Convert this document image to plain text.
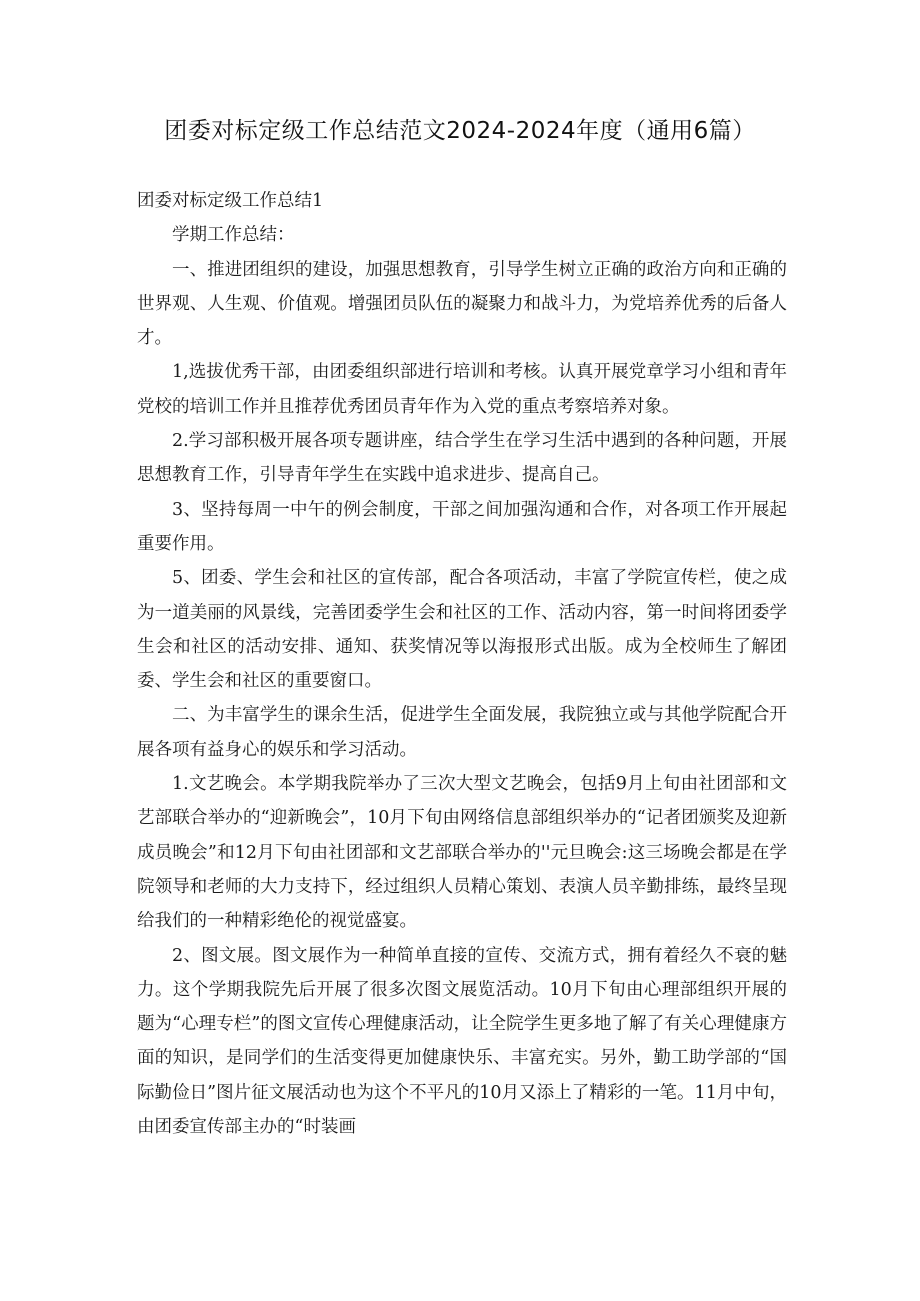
团委对标定级工作总结范文2024-2024年度（通用6篇）

团委对标定级工作总结1

学期工作总结：

一、推进团组织的建设，加强思想教育，引导学生树立正确的政治方向和正确的世界观、人生观、价值观。增强团员队伍的凝聚力和战斗力，为党培养优秀的后备人才。

1,选拔优秀干部，由团委组织部进行培训和考核。认真开展党章学习小组和青年党校的培训工作并且推荐优秀团员青年作为入党的重点考察培养对象。

2.学习部积极开展各项专题讲座，结合学生在学习生活中遇到的各种问题，开展思想教育工作，引导青年学生在实践中追求进步、提高自己。

3、坚持每周一中午的例会制度，干部之间加强沟通和合作，对各项工作开展起重要作用。

5、团委、学生会和社区的宣传部，配合各项活动，丰富了学院宣传栏，使之成为一道美丽的风景线，完善团委学生会和社区的工作、活动内容，第一时间将团委学生会和社区的活动安排、通知、获奖情况等以海报形式出版。成为全校师生了解团委、学生会和社区的重要窗口。

二、为丰富学生的课余生活，促进学生全面发展，我院独立或与其他学院配合开展各项有益身心的娱乐和学习活动。

1.文艺晚会。本学期我院举办了三次大型文艺晚会，包括9月上旬由社团部和文艺部联合举办的“迎新晚会”，10月下旬由网络信息部组织举办的“记者团颁奖及迎新成员晚会”和12月下旬由社团部和文艺部联合举办的''元旦晚会:这三场晚会都是在学院领导和老师的大力支持下，经过组织人员精心策划、表演人员辛勤排练，最终呈现给我们的一种精彩绝伦的视觉盛宴。

2、图文展。图文展作为一种简单直接的宣传、交流方式，拥有着经久不衰的魅力。这个学期我院先后开展了很多次图文展览活动。10月下旬由心理部组织开展的题为“心理专栏”的图文宣传心理健康活动，让全院学生更多地了解了有关心理健康方面的知识，是同学们的生活变得更加健康快乐、丰富充实。另外，勤工助学部的“国际勤俭日”图片征文展活动也为这个不平凡的10月又添上了精彩的一笔。11月中旬，由团委宣传部主办的“时装画
